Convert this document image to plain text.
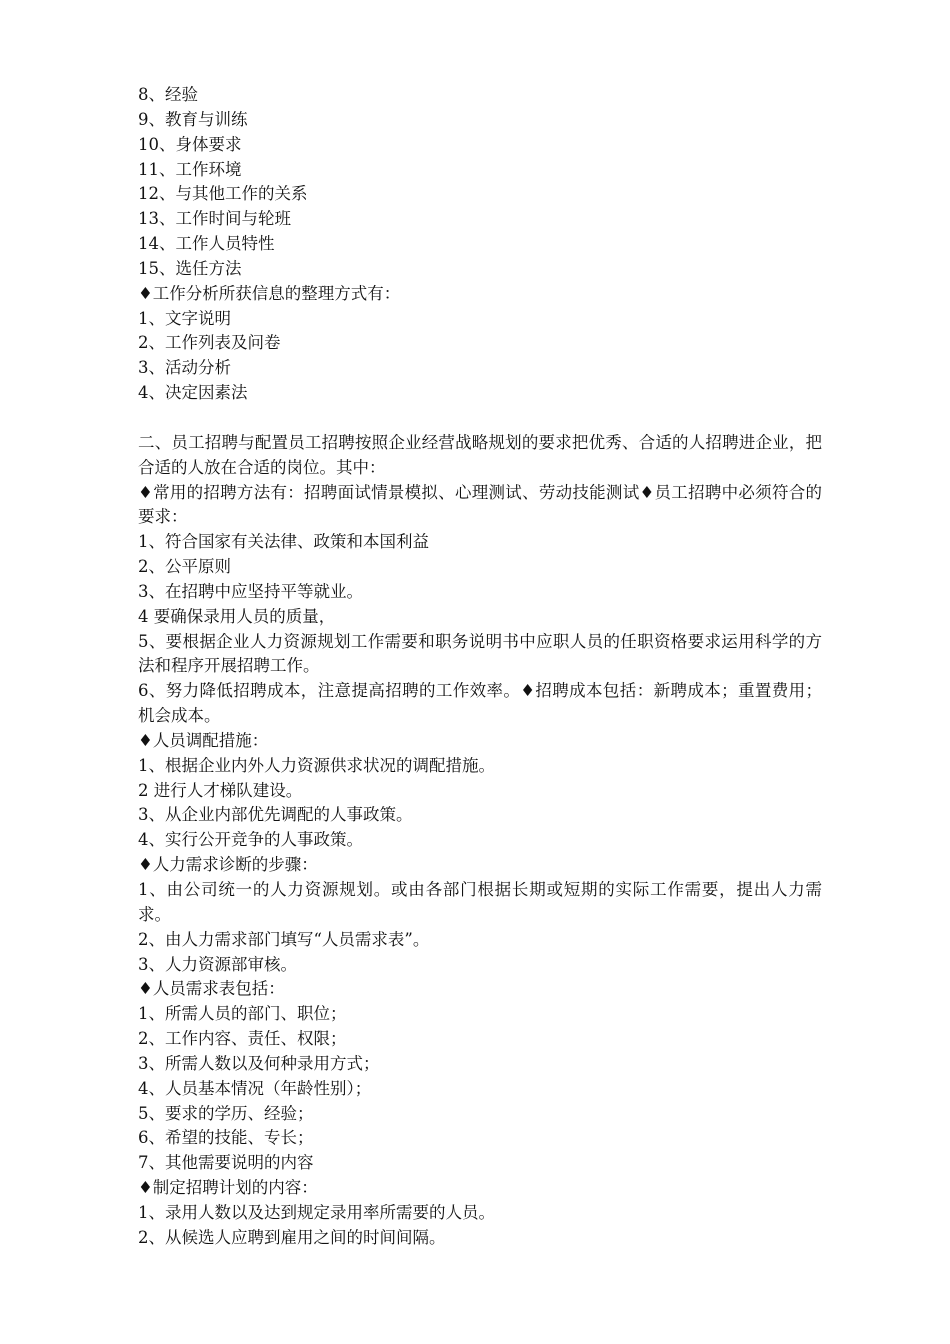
8、经验

9、教育与训练

10、身体要求

11、工作环境

12、与其他工作的关系

13、工作时间与轮班

14、工作人员特性

15、选任方法

♦工作分析所获信息的整理方式有：

1、文字说明

2、工作列表及问卷

3、活动分析

4、决定因素法

二、员工招聘与配置员工招聘按照企业经营战略规划的要求把优秀、合适的人招聘进企业，把合适的人放在合适的岗位。其中：

♦常用的招聘方法有：招聘面试情景模拟、心理测试、劳动技能测试♦员工招聘中必须符合的要求：

1、符合国家有关法律、政策和本国利益

2、公平原则

3、在招聘中应坚持平等就业。

4 要确保录用人员的质量，

5、要根据企业人力资源规划工作需要和职务说明书中应职人员的任职资格要求运用科学的方法和程序开展招聘工作。

6、努力降低招聘成本，注意提高招聘的工作效率。♦招聘成本包括：新聘成本；重置费用；机会成本。

♦人员调配措施：

1、根据企业内外人力资源供求状况的调配措施。

2 进行人才梯队建设。

3、从企业内部优先调配的人事政策。

4、实行公开竞争的人事政策。

♦人力需求诊断的步骤：

1、由公司统一的人力资源规划。或由各部门根据长期或短期的实际工作需要，提出人力需求。

2、由人力需求部门填写“人员需求表”。

3、人力资源部审核。

♦人员需求表包括：

1、所需人员的部门、职位；

2、工作内容、责任、权限；

3、所需人数以及何种录用方式；

4、人员基本情况（年龄性别）；

5、要求的学历、经验；

6、希望的技能、专长；

7、其他需要说明的内容

♦制定招聘计划的内容：

1、录用人数以及达到规定录用率所需要的人员。

2、从候选人应聘到雇用之间的时间间隔。
